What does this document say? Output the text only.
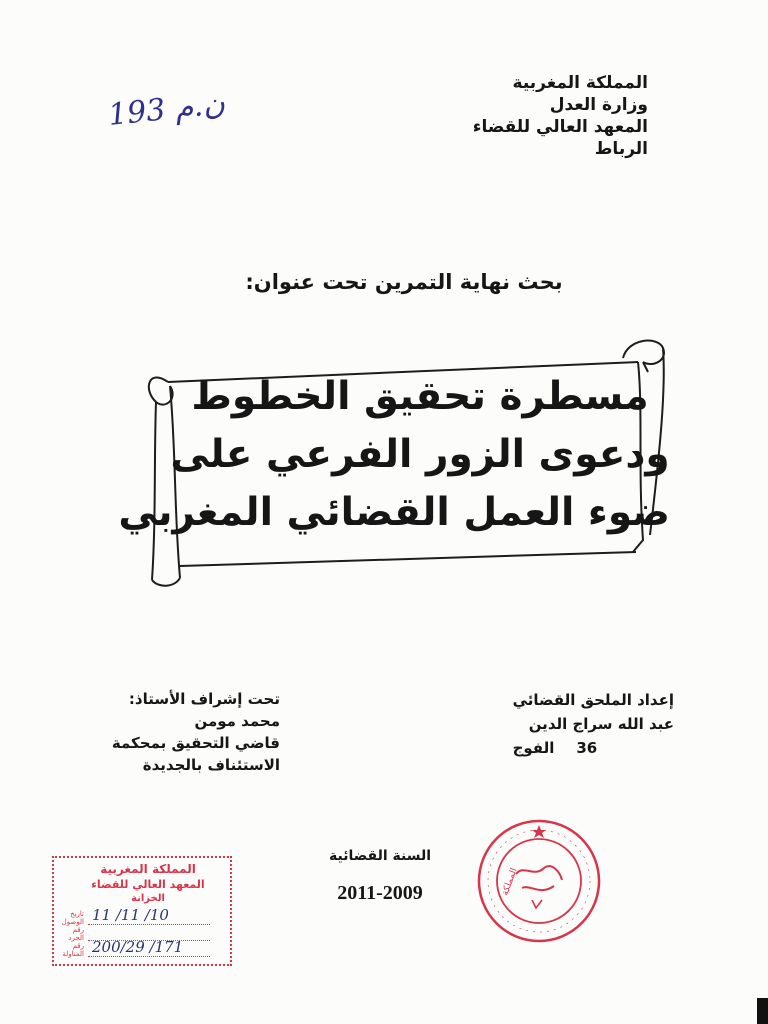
المملكة المغربية
وزارة العدل
المعهد العالي للقضاء
الرباط
193 ن.م
بحث نهاية التمرين تحت عنوان:
مسطرة تحقيق الخطوط
ودعوى الزور الفرعي على
ضوء العمل القضائي المغربي
إعداد الملحق القضائي
عبد الله سراج الدين
الفوج 36
تحت إشراف الأستاذ:
محمد مومن
قاضي التحقيق بمحكمة
الاستئناف بالجديدة
السنة القضائية
2011-2009
المملكة المغربية
المعهد العالي للقضاء
الخزانة
تاريخ الوصول
رقم الجرد
رقم المناولة
11 /11 /10
200/29 /171
المملكة
